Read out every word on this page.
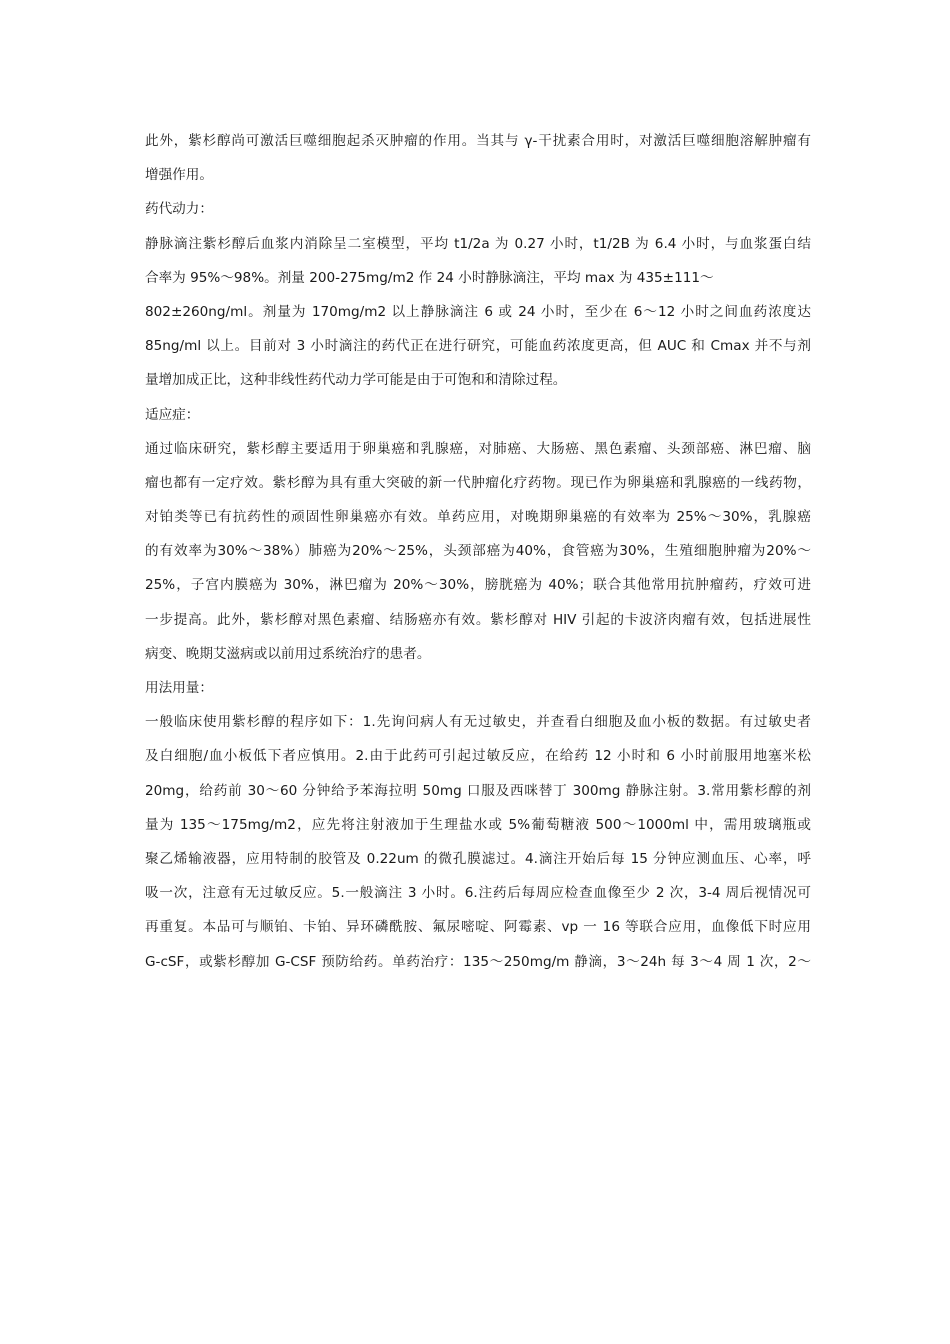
此外，紫杉醇尚可激活巨噬细胞起杀灭肿瘤的作用。当其与 γ-干扰素合用时，对激活巨噬细胞溶解肿瘤有
增强作用。
药代动力：
静脉滴注紫杉醇后血浆内消除呈二室模型，平均 t1/2a 为 0.27 小时，t1/2B 为 6.4 小时，与血浆蛋白结
合率为 95%～98%。剂量 200-275mg/m2 作 24 小时静脉滴注，平均 max 为 435±111～
802±260ng/ml。剂量为 170mg/m2 以上静脉滴注 6 或 24 小时，至少在 6～12 小时之间血药浓度达
85ng/ml 以上。目前对 3 小时滴注的药代正在进行研究，可能血药浓度更高，但 AUC 和 Cmax 并不与剂
量增加成正比，这种非线性药代动力学可能是由于可饱和和清除过程。
适应症：
通过临床研究，紫杉醇主要适用于卵巢癌和乳腺癌，对肺癌、大肠癌、黑色素瘤、头颈部癌、淋巴瘤、脑
瘤也都有一定疗效。紫杉醇为具有重大突破的新一代肿瘤化疗药物。现已作为卵巢癌和乳腺癌的一线药物，
对铂类等已有抗药性的顽固性卵巢癌亦有效。单药应用，对晚期卵巢癌的有效率为 25%～30%，乳腺癌
的有效率为30%～38%）肺癌为20%～25%，头颈部癌为40%，食管癌为30%，生殖细胞肿瘤为20%～
25%，子宫内膜癌为 30%，淋巴瘤为 20%～30%，膀胱癌为 40%；联合其他常用抗肿瘤药，疗效可进
一步提高。此外，紫杉醇对黑色素瘤、结肠癌亦有效。紫杉醇对 HIV 引起的卡波济肉瘤有效，包括进展性
病变、晚期艾滋病或以前用过系统治疗的患者。
用法用量：
一般临床使用紫杉醇的程序如下：1.先询问病人有无过敏史，并查看白细胞及血小板的数据。有过敏史者
及白细胞/血小板低下者应慎用。2.由于此药可引起过敏反应，在给药 12 小时和 6 小时前服用地塞米松
20mg，给药前 30～60 分钟给予苯海拉明 50mg 口服及西咪替丁 300mg 静脉注射。3.常用紫杉醇的剂
量为 135～175mg/m2，应先将注射液加于生理盐水或 5%葡萄糖液 500～1000ml 中，需用玻璃瓶或
聚乙烯输液器，应用特制的胶管及 0.22um 的微孔膜滤过。4.滴注开始后每 15 分钟应测血压、心率，呼
吸一次，注意有无过敏反应。5.一般滴注 3 小时。6.注药后每周应检查血像至少 2 次，3-4 周后视情况可
再重复。本品可与顺铂、卡铂、异环磷酰胺、氟尿嘧啶、阿霉素、vp 一 16 等联合应用，血像低下时应用
G-cSF，或紫杉醇加 G-CSF 预防给药。单药治疗：135～250mg/m 静滴，3～24h 每 3～4 周 1 次，2～
